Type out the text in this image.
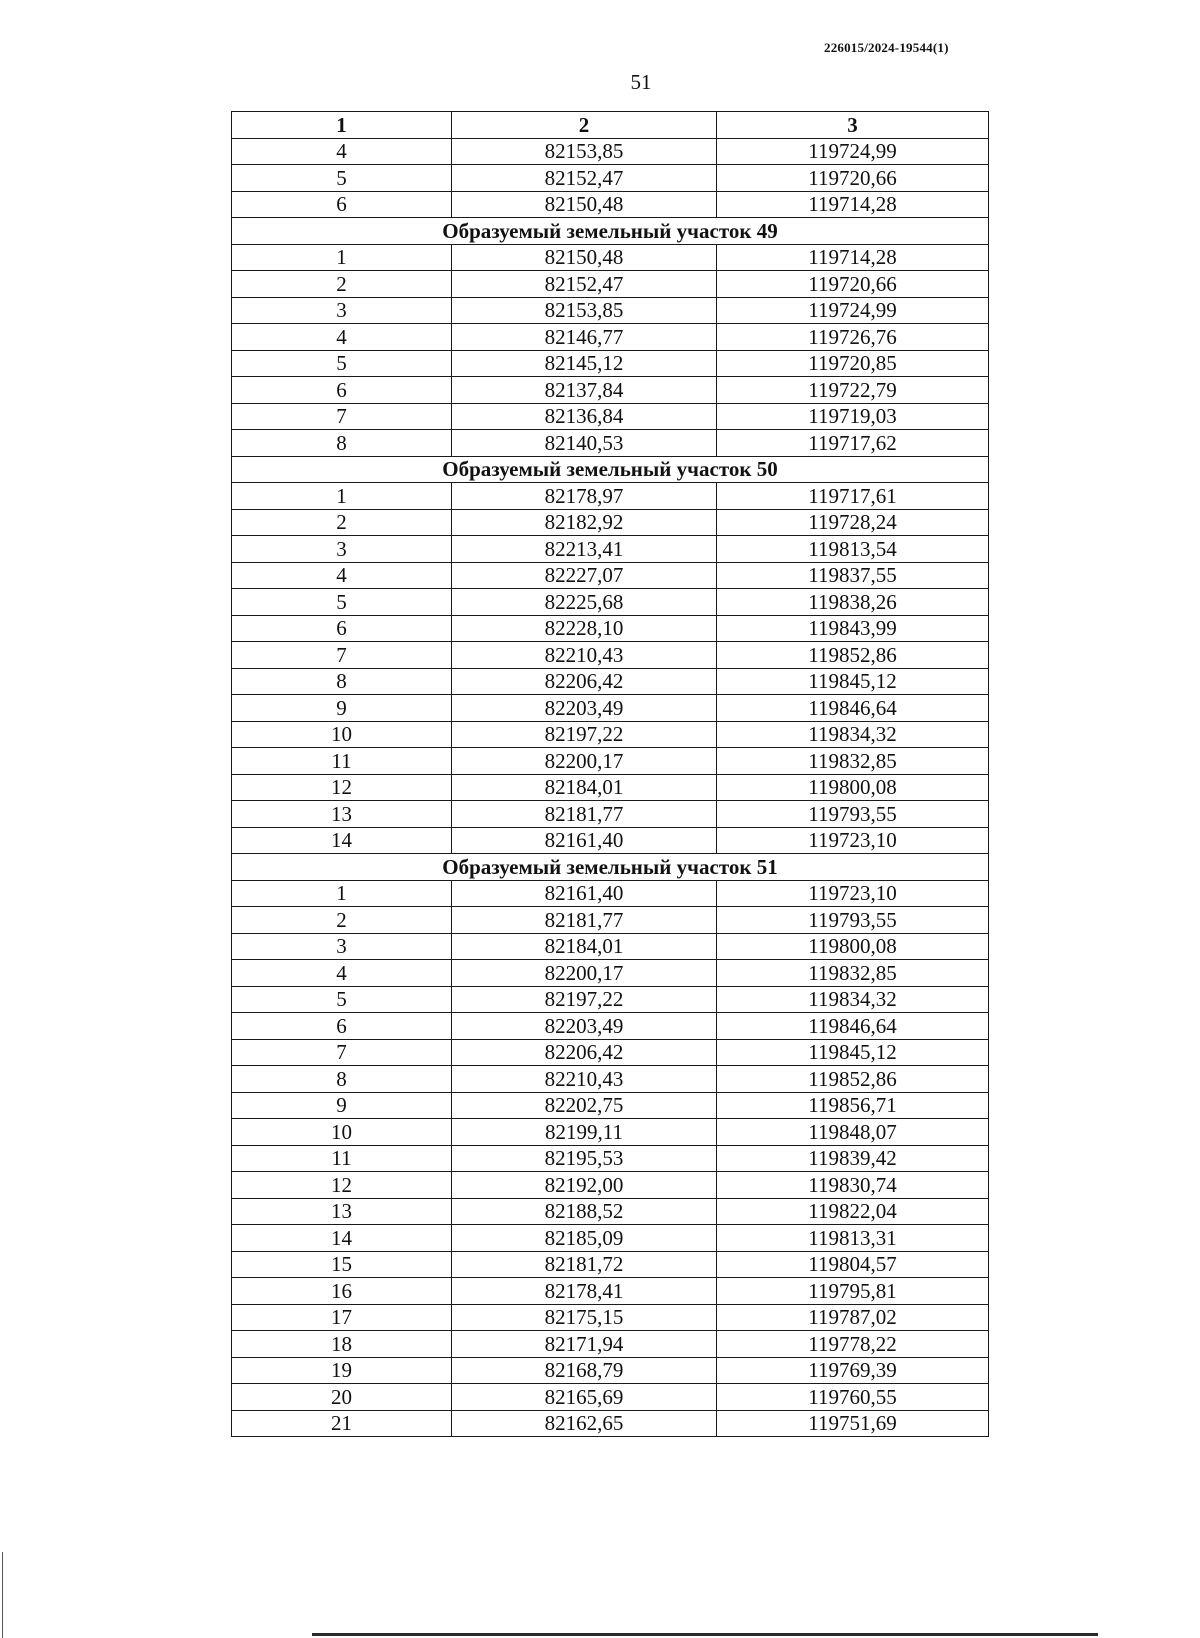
226015/2024-19544(1)
51
1	2	3
4	82153,85	119724,99
5	82152,47	119720,66
6	82150,48	119714,28
Образуемый земельный участок 49		
1	82150,48	119714,28
2	82152,47	119720,66
3	82153,85	119724,99
4	82146,77	119726,76
5	82145,12	119720,85
6	82137,84	119722,79
7	82136,84	119719,03
8	82140,53	119717,62
Образуемый земельный участок 50		
1	82178,97	119717,61
2	82182,92	119728,24
3	82213,41	119813,54
4	82227,07	119837,55
5	82225,68	119838,26
6	82228,10	119843,99
7	82210,43	119852,86
8	82206,42	119845,12
9	82203,49	119846,64
10	82197,22	119834,32
11	82200,17	119832,85
12	82184,01	119800,08
13	82181,77	119793,55
14	82161,40	119723,10
Образуемый земельный участок 51		
1	82161,40	119723,10
2	82181,77	119793,55
3	82184,01	119800,08
4	82200,17	119832,85
5	82197,22	119834,32
6	82203,49	119846,64
7	82206,42	119845,12
8	82210,43	119852,86
9	82202,75	119856,71
10	82199,11	119848,07
11	82195,53	119839,42
12	82192,00	119830,74
13	82188,52	119822,04
14	82185,09	119813,31
15	82181,72	119804,57
16	82178,41	119795,81
17	82175,15	119787,02
18	82171,94	119778,22
19	82168,79	119769,39
20	82165,69	119760,55
21	82162,65	119751,69
